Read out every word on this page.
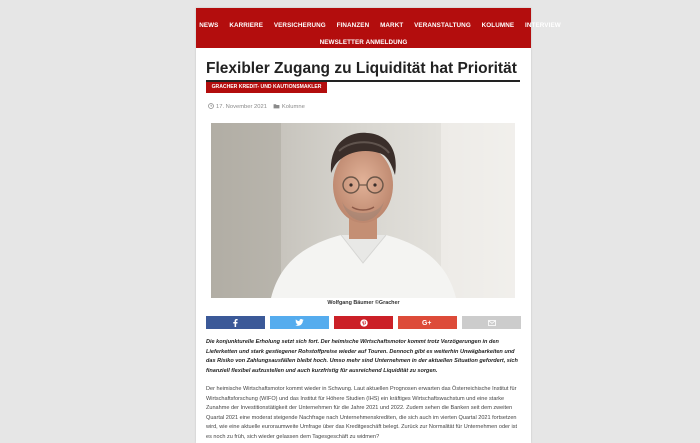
NEWS KARRIERE VERSICHERUNG FINANZEN MARKT VERANSTALTUNG KOLUMNE INTERVIEW
NEWSLETTER ANMELDUNG
Flexibler Zugang zu Liquidität hat Priorität
GRACHER KREDIT- UND KAUTIONSMAKLER
17. November 2021	Kolumne
Wolfgang Bäumer ©Gracher
G+

Die konjunkturelle Erholung setzt sich fort. Der heimische Wirtschaftsmotor kommt trotz Verzögerungen in den Lieferketten und stark gestiegener Rohstoffpreise wieder auf Touren. Dennoch gibt es weiterhin Unwägbarkeiten und das Risiko von Zahlungsausfällen bleibt hoch. Umso mehr sind Unternehmen in der aktuellen Situation gefordert, sich finanziell flexibel aufzustellen und auch kurzfristig für ausreichend Liquidität zu sorgen.

Der heimische Wirtschaftsmotor kommt wieder in Schwung. Laut aktuellen Prognosen erwarten das Österreichische Institut für Wirtschaftsforschung (WIFO) und das Institut für Höhere Studien (IHS) ein kräftiges Wirtschaftswachstum und eine starke Zunahme der Investitionstätigkeit der Unternehmen für die Jahre 2021 und 2022. Zudem sehen die Banken seit dem zweiten Quartal 2021 eine moderat steigende Nachfrage nach Unternehmenskrediten, die sich auch im vierten Quartal 2021 fortsetzen wird, wie eine aktuelle euroraumweite Umfrage über das Kreditgeschäft belegt. Zurück zur Normalität für Unternehmen oder ist es noch zu früh, sich wieder gelassen dem Tagesgeschäft zu widmen?
